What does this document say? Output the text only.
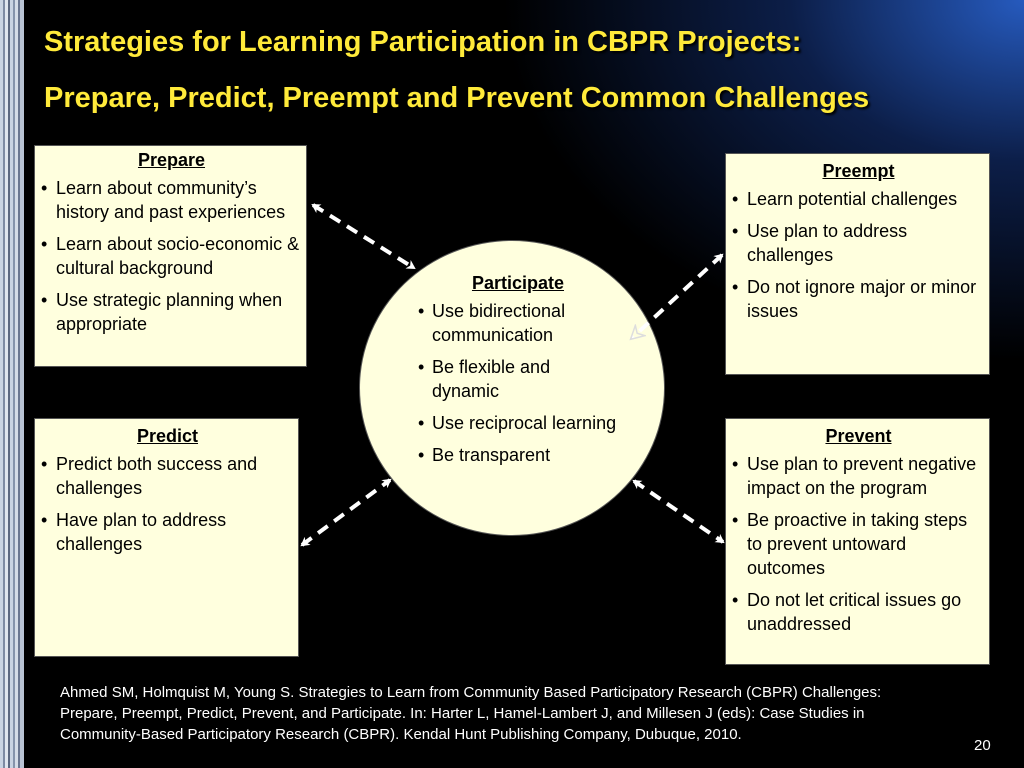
Strategies for Learning Participation in CBPR Projects:
Prepare, Predict, Preempt and Prevent Common Challenges
Prepare
• Learn about community’s history and past experiences
• Learn about socio-economic & cultural background
• Use strategic planning when appropriate
Predict
• Predict both success and challenges
• Have plan to address challenges
Preempt
• Learn potential challenges
• Use plan to address challenges
• Do not ignore major or minor issues
Prevent
• Use plan to prevent negative impact on the program
• Be proactive in taking steps to prevent untoward outcomes
• Do not let critical issues go unaddressed
Participate
• Use bidirectional communication
• Be flexible and dynamic
• Use reciprocal learning
• Be transparent
Ahmed SM, Holmquist M, Young S. Strategies to Learn from Community Based Participatory Research (CBPR) Challenges: Prepare, Preempt, Predict, Prevent, and Participate. In: Harter L, Hamel-Lambert J, and Millesen J (eds): Case Studies in Community-Based Participatory Research (CBPR). Kendal Hunt Publishing Company, Dubuque, 2010.
20
